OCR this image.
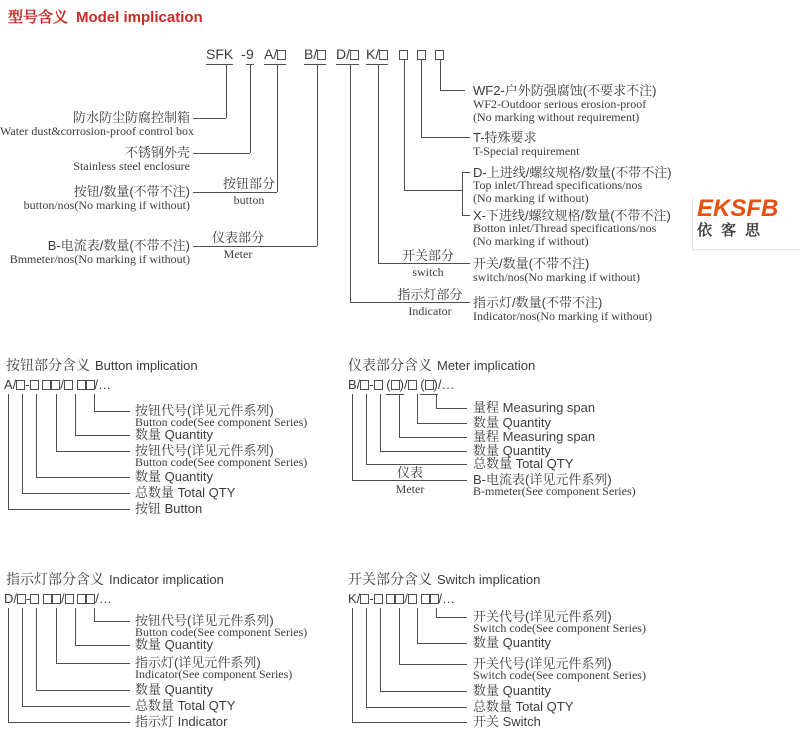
型号含义 Model implication
EKSFB
依客思
SFK - 9 A/	B/	D/	K/
防水防尘防腐控制箱
Water dust&corrosion-proof control box
不锈钢外壳
Stainless steel enclosure
按钮/数量(不带不注)
button/nos(No marking if without)
B-电流表/数量(不带不注)
Bmmeter/nos(No marking if without)
按钮部分
button
仪表部分
Meter
WF2-户外防强腐蚀(不要求不注)
WF2-Outdoor serious erosion-proof
(No marking without requirement)
T-特殊要求
T-Special requirement
D-上进线/螺纹规格/数量(不带不注)
Top inlet/Thread specifications/nos
(No marking if without)
X-下进线/螺纹规格/数量(不带不注)
Botton inlet/Thread specifications/nos
(No marking if without)
开关/数量(不带不注)
switch/nos(No marking if without)
指示灯/数量(不带不注)
Indicator/nos(No marking if without)
开关部分
switch
指示灯部分
Indicator
按钮部分含义 Button implication
A/ - / /…
按钮代号(详见元件系列)
Button code(See component Series)
数量 Quantity
按钮代号(详见元件系列)
Button code(See component Series)
数量 Quantity
总数量 Total QTY
按钮 Button
仪表部分含义 Meter implication
B/ - ( )/ ( )/…
量程 Measuring span
数量 Quantity
量程 Measuring span
数量 Quantity
总数量 Total QTY
B-电流表(详见元件系列)
B-mmeter(See component Series)
仪表
Meter
指示灯部分含义 Indicator implication
D/ - / /…
按钮代号(详见元件系列)
Button code(See component Series)
数量 Quantity
指示灯(详见元件系列)
Indicator(See component Series)
数量 Quantity
总数量 Total QTY
指示灯 Indicator
开关部分含义 Switch implication
K/ - / /…
开关代号(详见元件系列)
Switch code(See component Series)
数量 Quantity
开关代号(详见元件系列)
Switch code(See component Series)
数量 Quantity
总数量 Total QTY
开关 Switch
